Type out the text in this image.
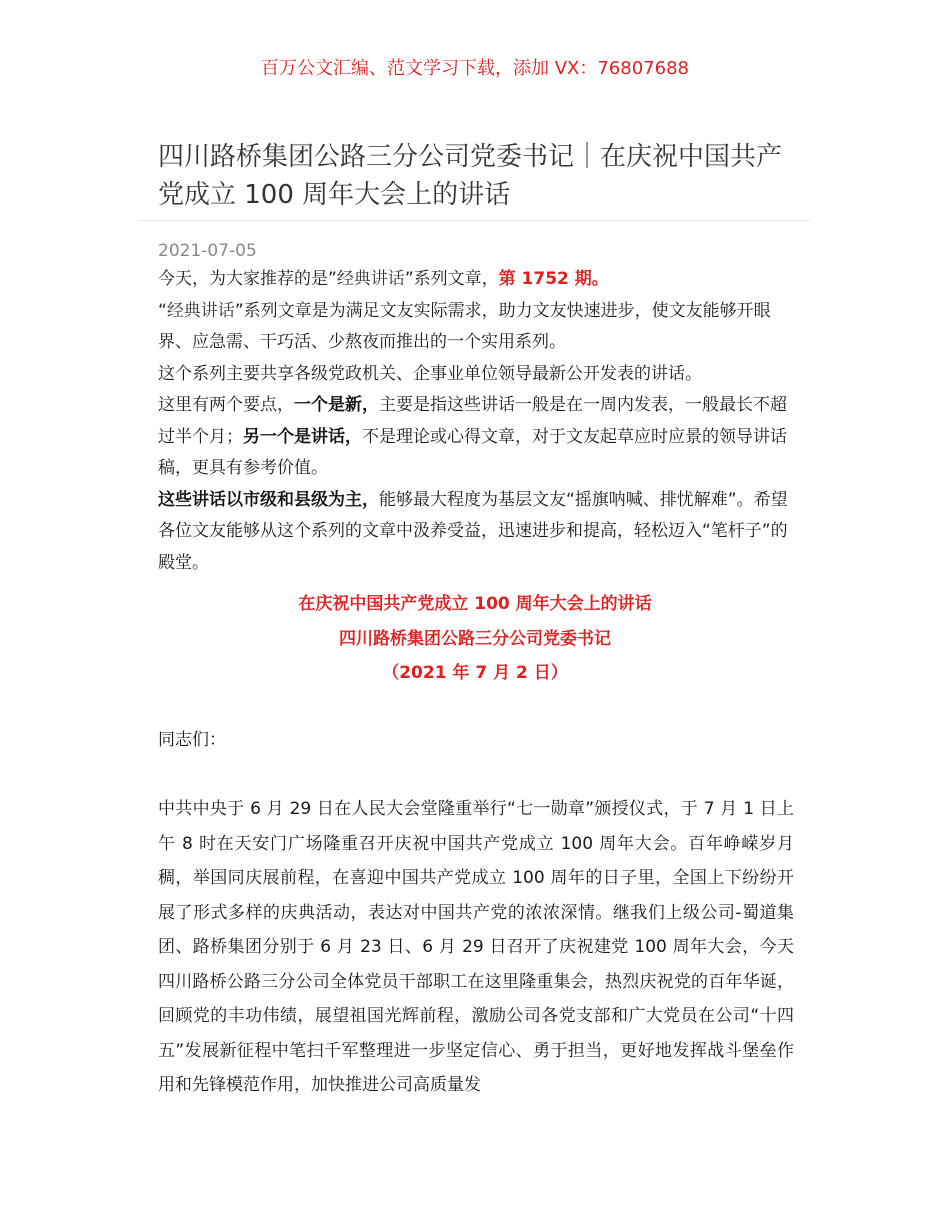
百万公文汇编、范文学习下载，添加 VX：76807688
四川路桥集团公路三分公司党委书记｜在庆祝中国共产党成立 100 周年大会上的讲话
2021-07-05

今天，为大家推荐的是”经典讲话”系列文章，第 1752 期。

“经典讲话”系列文章是为满足文友实际需求，助力文友快速进步，使文友能够开眼界、应急需、干巧活、少熬夜而推出的一个实用系列。

这个系列主要共享各级党政机关、企事业单位领导最新公开发表的讲话。

这里有两个要点，一个是新，主要是指这些讲话一般是在一周内发表，一般最长不超过半个月；另一个是讲话，不是理论或心得文章，对于文友起草应时应景的领导讲话稿，更具有参考价值。

这些讲话以市级和县级为主，能够最大程度为基层文友“摇旗呐喊、排忧解难”。希望各位文友能够从这个系列的文章中汲养受益，迅速进步和提高，轻松迈入“笔杆子”的殿堂。

在庆祝中国共产党成立 100 周年大会上的讲话
四川路桥集团公路三分公司党委书记
（2021 年 7 月 2 日）
同志们：

中共中央于 6 月 29 日在人民大会堂隆重举行“七一勋章”颁授仪式，于 7 月 1 日上午 8 时在天安门广场隆重召开庆祝中国共产党成立 100 周年大会。百年峥嵘岁月稠，举国同庆展前程，在喜迎中国共产党成立 100 周年的日子里，全国上下纷纷开展了形式多样的庆典活动，表达对中国共产党的浓浓深情。继我们上级公司-蜀道集团、路桥集团分别于 6 月 23 日、6 月 29 日召开了庆祝建党 100 周年大会，今天四川路桥公路三分公司全体党员干部职工在这里隆重集会，热烈庆祝党的百年华诞，回顾党的丰功伟绩，展望祖国光辉前程，激励公司各党支部和广大党员在公司“十四五”发展新征程中笔扫千军整理进一步坚定信心、勇于担当，更好地发挥战斗堡垒作用和先锋模范作用，加快推进公司高质量发
